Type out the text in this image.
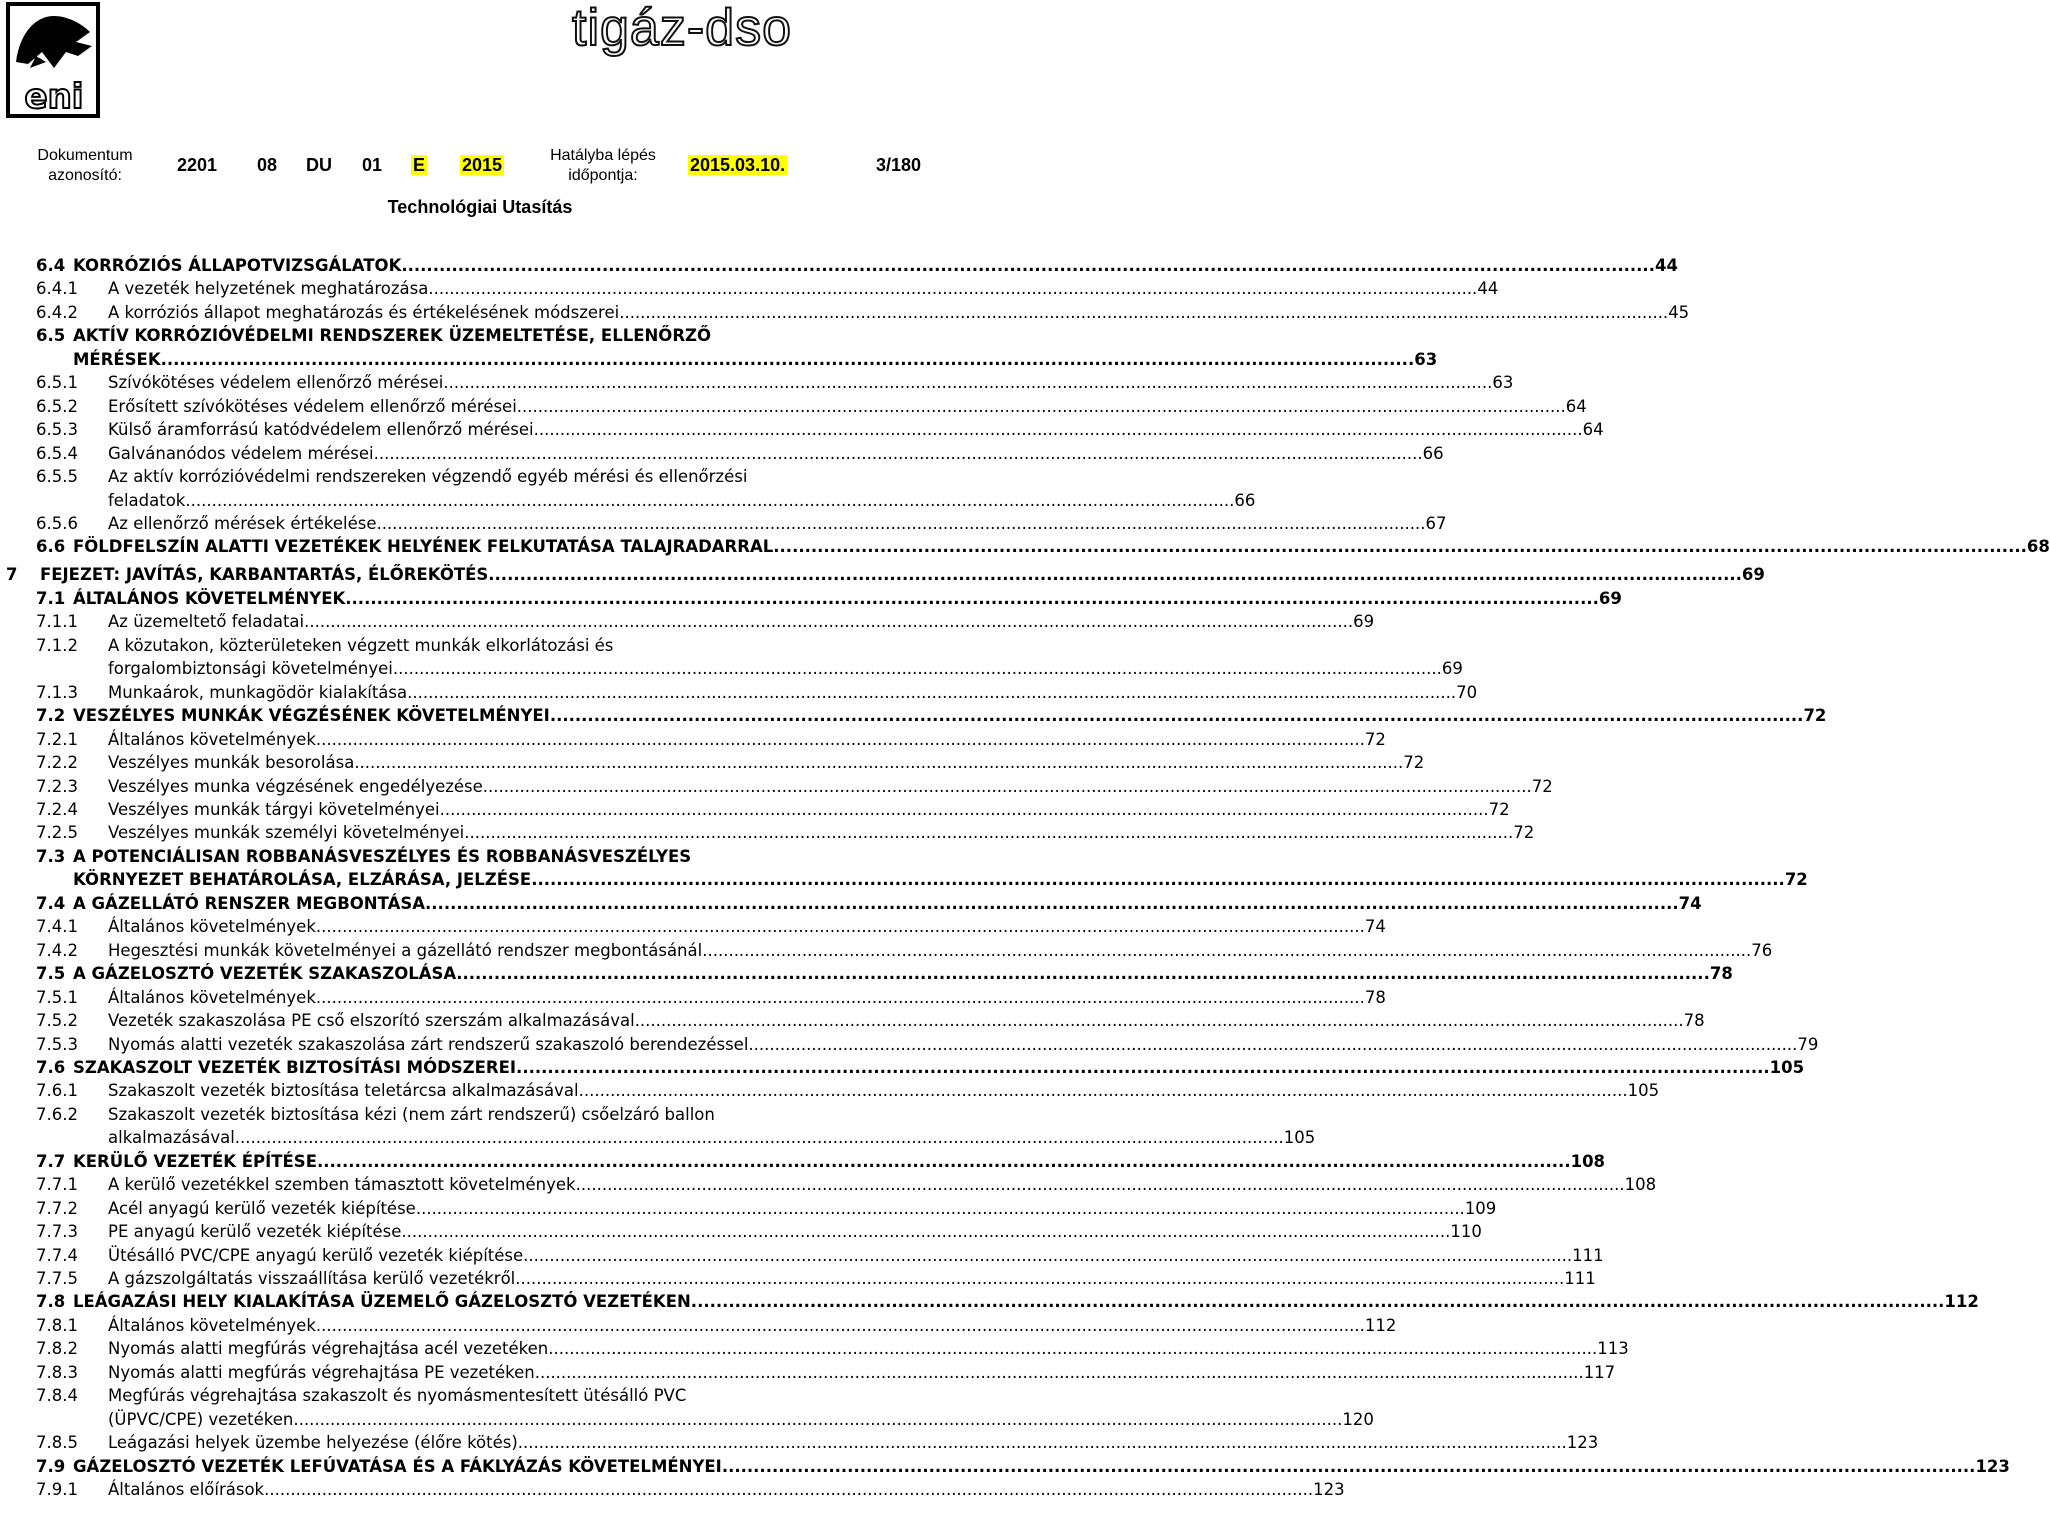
eni
tigáz-dso
Dokumentum
azonosító:
2201 08 DU 01 E 2015	Hatályba lépés
időpontja:
2015.03.10.	3/180
Technológiai Utasítás
6.4 KORRÓZIÓS ÁLLAPOTVIZSGÁLATOK ........................................................................................................................................................................................................ 44
6.4.1 A vezeték helyzetének meghatározása ........................................................................................................................................................................................................ 44
6.4.2 A korróziós állapot meghatározás és értékelésének módszerei ........................................................................................................................................................................................................ 45
6.5 AKTÍV KORRÓZIÓVÉDELMI RENDSZEREK ÜZEMELTETÉSE, ELLENŐRZŐ
MÉRÉSEK ........................................................................................................................................................................................................ 63
6.5.1 Szívókötéses védelem ellenőrző mérései ........................................................................................................................................................................................................ 63
6.5.2 Erősített szívókötéses védelem ellenőrző mérései ........................................................................................................................................................................................................ 64
6.5.3 Külső áramforrású katódvédelem ellenőrző mérései ........................................................................................................................................................................................................ 64
6.5.4 Galvánanódos védelem mérései ........................................................................................................................................................................................................ 66
6.5.5 Az aktív korrózióvédelmi rendszereken végzendő egyéb mérési és ellenőrzési
feladatok ........................................................................................................................................................................................................ 66
6.5.6 Az ellenőrző mérések értékelése ........................................................................................................................................................................................................ 67
6.6 FÖLDFELSZÍN ALATTI VEZETÉKEK HELYÉNEK FELKUTATÁSA TALAJRADARRAL ........................................................................................................................................................................................................ 68
7 FEJEZET: JAVÍTÁS, KARBANTARTÁS, ÉLŐREKÖTÉS ........................................................................................................................................................................................................ 69
7.1 ÁLTALÁNOS KÖVETELMÉNYEK ........................................................................................................................................................................................................ 69
7.1.1 Az üzemeltető feladatai ........................................................................................................................................................................................................ 69
7.1.2 A közutakon, közterületeken végzett munkák elkorlátozási és
forgalombiztonsági követelményei ........................................................................................................................................................................................................ 69
7.1.3 Munkaárok, munkagödör kialakítása ........................................................................................................................................................................................................ 70
7.2 VESZÉLYES MUNKÁK VÉGZÉSÉNEK KÖVETELMÉNYEI ........................................................................................................................................................................................................ 72
7.2.1 Általános követelmények ........................................................................................................................................................................................................ 72
7.2.2 Veszélyes munkák besorolása ........................................................................................................................................................................................................ 72
7.2.3 Veszélyes munka végzésének engedélyezése ........................................................................................................................................................................................................ 72
7.2.4 Veszélyes munkák tárgyi követelményei ........................................................................................................................................................................................................ 72
7.2.5 Veszélyes munkák személyi követelményei ........................................................................................................................................................................................................ 72
7.3 A POTENCIÁLISAN ROBBANÁSVESZÉLYES ÉS ROBBANÁSVESZÉLYES
KÖRNYEZET BEHATÁROLÁSA, ELZÁRÁSA, JELZÉSE ........................................................................................................................................................................................................ 72
7.4 A GÁZELLÁTÓ RENSZER MEGBONTÁSA ........................................................................................................................................................................................................ 74
7.4.1 Általános követelmények ........................................................................................................................................................................................................ 74
7.4.2 Hegesztési munkák követelményei a gázellátó rendszer megbontásánál ........................................................................................................................................................................................................ 76
7.5 A GÁZELOSZTÓ VEZETÉK SZAKASZOLÁSA ........................................................................................................................................................................................................ 78
7.5.1 Általános követelmények ........................................................................................................................................................................................................ 78
7.5.2 Vezeték szakaszolása PE cső elszorító szerszám alkalmazásával ........................................................................................................................................................................................................ 78
7.5.3 Nyomás alatti vezeték szakaszolása zárt rendszerű szakaszoló berendezéssel ........................................................................................................................................................................................................ 79
7.6 SZAKASZOLT VEZETÉK BIZTOSÍTÁSI MÓDSZEREI ........................................................................................................................................................................................................ 105
7.6.1 Szakaszolt vezeték biztosítása teletárcsa alkalmazásával ........................................................................................................................................................................................................ 105
7.6.2 Szakaszolt vezeték biztosítása kézi (nem zárt rendszerű) csőelzáró ballon
alkalmazásával ........................................................................................................................................................................................................ 105
7.7 KERÜLŐ VEZETÉK ÉPÍTÉSE ........................................................................................................................................................................................................ 108
7.7.1 A kerülő vezetékkel szemben támasztott követelmények ........................................................................................................................................................................................................ 108
7.7.2 Acél anyagú kerülő vezeték kiépítése ........................................................................................................................................................................................................ 109
7.7.3 PE anyagú kerülő vezeték kiépítése ........................................................................................................................................................................................................ 110
7.7.4 Ütésálló PVC/CPE anyagú kerülő vezeték kiépítése ........................................................................................................................................................................................................ 111
7.7.5 A gázszolgáltatás visszaállítása kerülő vezetékről ........................................................................................................................................................................................................ 111
7.8 LEÁGAZÁSI HELY KIALAKÍTÁSA ÜZEMELŐ GÁZELOSZTÓ VEZETÉKEN ........................................................................................................................................................................................................ 112
7.8.1 Általános követelmények ........................................................................................................................................................................................................ 112
7.8.2 Nyomás alatti megfúrás végrehajtása acél vezetéken ........................................................................................................................................................................................................ 113
7.8.3 Nyomás alatti megfúrás végrehajtása PE vezetéken ........................................................................................................................................................................................................ 117
7.8.4 Megfúrás végrehajtása szakaszolt és nyomásmentesített ütésálló PVC
(ÜPVC/CPE) vezetéken ........................................................................................................................................................................................................ 120
7.8.5 Leágazási helyek üzembe helyezése (élőre kötés) ........................................................................................................................................................................................................ 123
7.9 GÁZELOSZTÓ VEZETÉK LEFÚVATÁSA ÉS A FÁKLYÁZÁS KÖVETELMÉNYEI ........................................................................................................................................................................................................ 123
7.9.1 Általános előírások ........................................................................................................................................................................................................ 123
